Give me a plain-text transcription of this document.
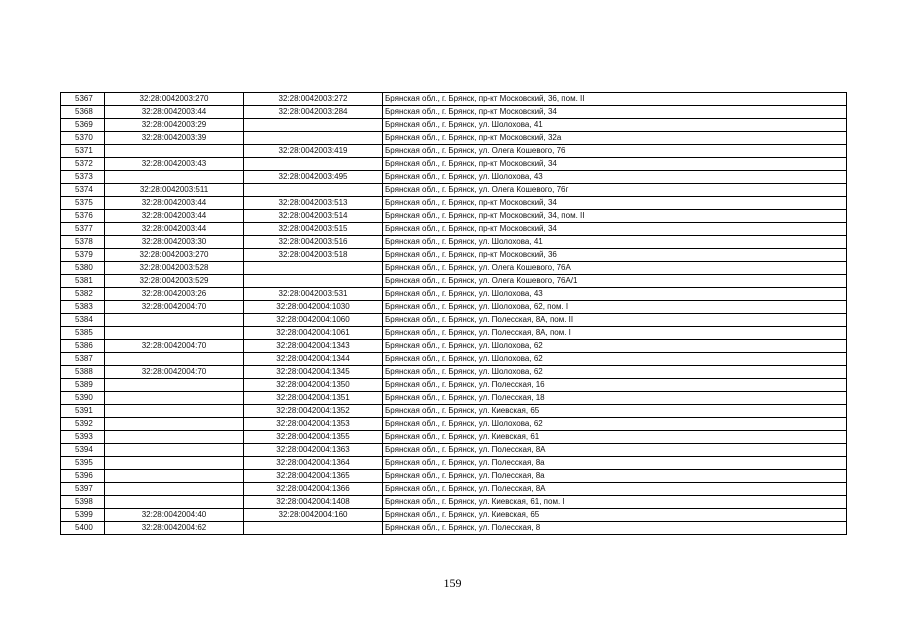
5367	32:28:0042003:270	32:28:0042003:272	Брянская обл., г. Брянск, пр-кт Московский, 36, пом. II
5368	32:28:0042003:44	32:28:0042003:284	Брянская обл., г. Брянск, пр-кт Московский, 34
5369	32:28:0042003:29		Брянская обл., г. Брянск, ул. Шолохова, 41
5370	32:28:0042003:39		Брянская обл., г. Брянск, пр-кт Московский, 32а
5371		32:28:0042003:419	Брянская обл., г. Брянск, ул. Олега Кошевого, 76
5372	32:28:0042003:43		Брянская обл., г. Брянск, пр-кт Московский, 34
5373		32:28:0042003:495	Брянская обл., г. Брянск, ул. Шолохова, 43
5374	32:28:0042003:511		Брянская обл., г. Брянск, ул. Олега Кошевого, 76г
5375	32:28:0042003:44	32:28:0042003:513	Брянская обл., г. Брянск, пр-кт Московский, 34
5376	32:28:0042003:44	32:28:0042003:514	Брянская обл., г. Брянск, пр-кт Московский, 34, пом. II
5377	32:28:0042003:44	32:28:0042003:515	Брянская обл., г. Брянск, пр-кт Московский, 34
5378	32:28:0042003:30	32:28:0042003:516	Брянская обл., г. Брянск, ул. Шолохова, 41
5379	32:28:0042003:270	32:28:0042003:518	Брянская обл., г. Брянск, пр-кт Московский, 36
5380	32:28:0042003:528		Брянская обл., г. Брянск, ул. Олега Кошевого, 76А
5381	32:28:0042003:529		Брянская обл., г. Брянск, ул. Олега Кошевого, 76А/1
5382	32:28:0042003:26	32:28:0042003:531	Брянская обл., г. Брянск, ул. Шолохова, 43
5383	32:28:0042004:70	32:28:0042004:1030	Брянская обл., г. Брянск, ул. Шолохова, 62, пом. I
5384		32:28:0042004:1060	Брянская обл., г. Брянск, ул. Полесская, 8А, пом. II
5385		32:28:0042004:1061	Брянская обл., г. Брянск, ул. Полесская, 8А, пом. I
5386	32:28:0042004:70	32:28:0042004:1343	Брянская обл., г. Брянск, ул. Шолохова, 62
5387		32:28:0042004:1344	Брянская обл., г. Брянск, ул. Шолохова, 62
5388	32:28:0042004:70	32:28:0042004:1345	Брянская обл., г. Брянск, ул. Шолохова, 62
5389		32:28:0042004:1350	Брянская обл., г. Брянск, ул. Полесская, 16
5390		32:28:0042004:1351	Брянская обл., г. Брянск, ул. Полесская, 18
5391		32:28:0042004:1352	Брянская обл., г. Брянск, ул. Киевская, 65
5392		32:28:0042004:1353	Брянская обл., г. Брянск, ул. Шолохова, 62
5393		32:28:0042004:1355	Брянская обл., г. Брянск, ул. Киевская, 61
5394		32:28:0042004:1363	Брянская обл., г. Брянск, ул. Полесская, 8А
5395		32:28:0042004:1364	Брянская обл., г. Брянск, ул. Полесская, 8а
5396		32:28:0042004:1365	Брянская обл., г. Брянск, ул. Полесская, 8а
5397		32:28:0042004:1366	Брянская обл., г. Брянск, ул. Полесская, 8А
5398		32:28:0042004:1408	Брянская обл., г. Брянск, ул. Киевская, 61, пом. I
5399	32:28:0042004:40	32:28:0042004:160	Брянская обл., г. Брянск, ул. Киевская, 65
5400	32:28:0042004:62		Брянская обл., г. Брянск, ул. Полесская, 8
159
